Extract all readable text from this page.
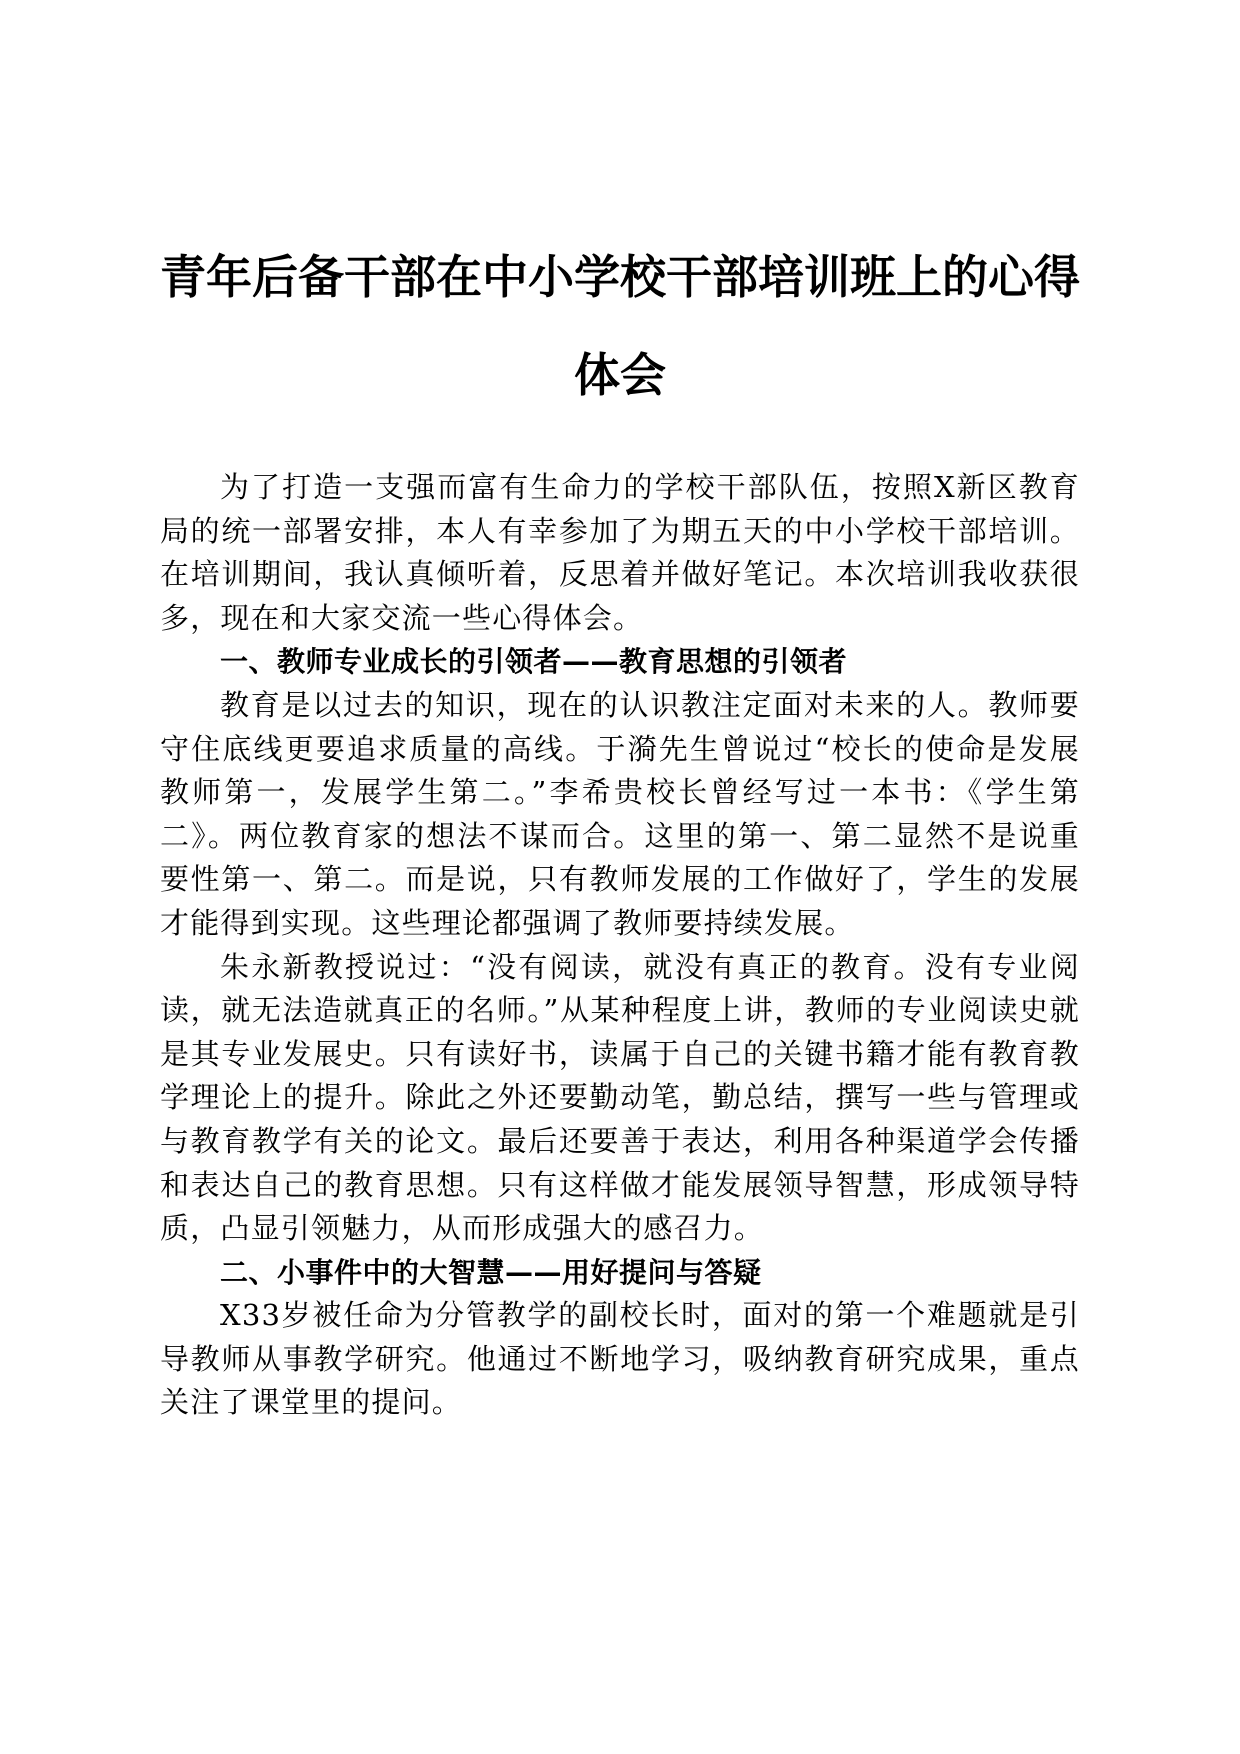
青年后备干部在中小学校干部培训班上的心得
体会

为了打造一支强而富有生命力的学校干部队伍，按照X新区教育局的统一部署安排，本人有幸参加了为期五天的中小学校干部培训。在培训期间，我认真倾听着，反思着并做好笔记。本次培训我收获很多，现在和大家交流一些心得体会。

一、教师专业成长的引领者——教育思想的引领者

教育是以过去的知识，现在的认识教注定面对未来的人。教师要守住底线更要追求质量的高线。于漪先生曾说过“校长的使命是发展教师第一，发展学生第二。”李希贵校长曾经写过一本书：《学生第二》。两位教育家的想法不谋而合。这里的第一、第二显然不是说重要性第一、第二。而是说，只有教师发展的工作做好了，学生的发展才能得到实现。这些理论都强调了教师要持续发展。

朱永新教授说过：“没有阅读，就没有真正的教育。没有专业阅读，就无法造就真正的名师。”从某种程度上讲，教师的专业阅读史就是其专业发展史。只有读好书，读属于自己的关键书籍才能有教育教学理论上的提升。除此之外还要勤动笔，勤总结，撰写一些与管理或与教育教学有关的论文。最后还要善于表达，利用各种渠道学会传播和表达自己的教育思想。只有这样做才能发展领导智慧，形成领导特质，凸显引领魅力，从而形成强大的感召力。

二、小事件中的大智慧——用好提问与答疑

X33岁被任命为分管教学的副校长时，面对的第一个难题就是引导教师从事教学研究。他通过不断地学习，吸纳教育研究成果，重点关注了课堂里的提问。
